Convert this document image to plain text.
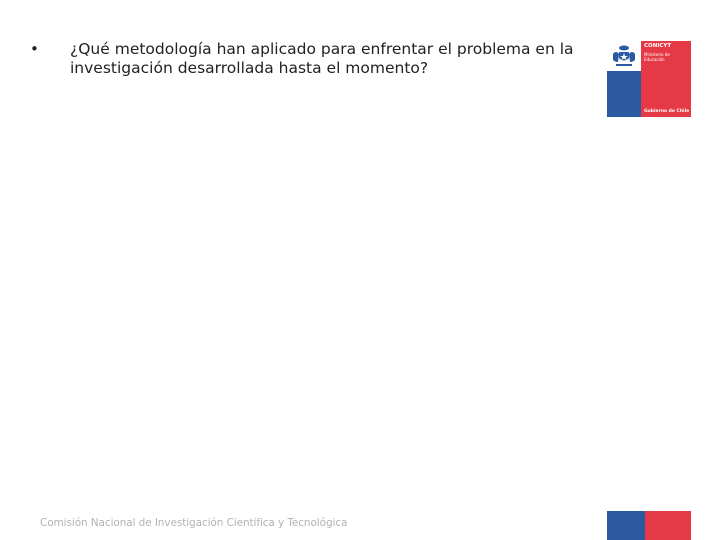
• ¿Qué metodología han aplicado para enfrentar el problema en la investigación desarrollada hasta el momento?
CONICYT
Ministerio de Educación
Gobierno de Chile
Comisión Nacional de Investigación Científica y Tecnológica
